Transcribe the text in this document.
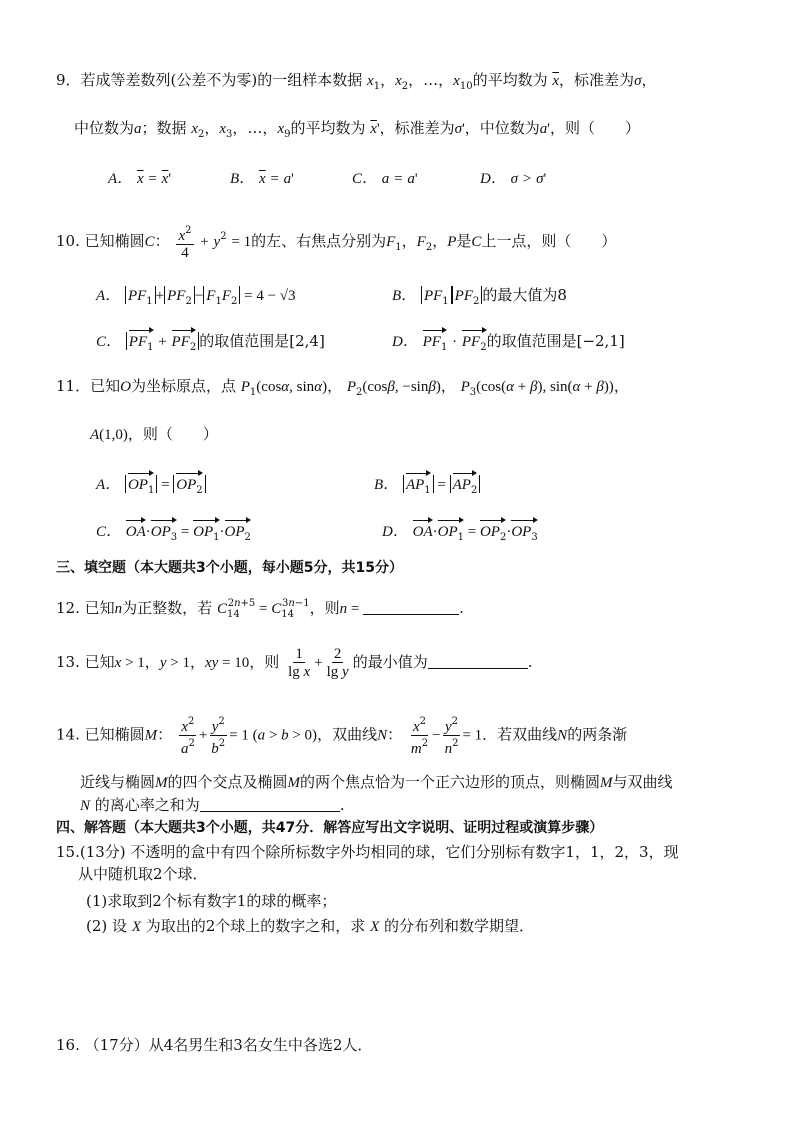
9．若成等差数列(公差不为零)的一组样本数据 $x_1$，$x_2$，…，$x_{10}$的平均数为 $\overline{x}$，标准差为σ，
中位数为a；数据 $x_2$，$x_3$，…，$x_9$的平均数为 $\overline{x}'$，标准差为σ'，中位数为a'，则（　　）
A． $\overline{x} = \overline{x}'$	B． $\overline{x} = a'$	C． a = a'	D． σ > σ'
10. 已知椭圆C： $\frac{x^2}{4} + y^2 = 1$的左、右焦点分别为$F_1$，$F_2$，P是C上一点，则（　　）
A． $PF_1 + PF_2 - F_1F_2 = 4 - √3$	B． $PF_1$ $PF_2$ 的最大值为8
C． $PF_1 + PF_2$ 的取值范围是[2,4]	D． $PF_1 \cdot PF_2$的取值范围是[−2,1]
11．已知O为坐标原点，点 $P_1(\cos\alpha$, sinα)， $P_2(\cos\beta$, −sinβ)， $P_3(\cos(\alpha + \beta)$, sin(α + β))，
A(1,0)，则（　　）
A． $OP_1 = OP_2$	B． $AP_1 = AP_2$
C． $OA\cdot OP_3 = OP_1\cdot OP_2$	D． $OA\cdot OP_1 = OP_2\cdot OP_3$
三、填空题（本大题共3个小题，每小题5分，共15分）
12. 已知n为正整数，若 $C_{14}^{2n+5} = C_{14}^{3n-1}$，则n =	.
13. 已知x > 1，y > 1，xy = 10，则 $\frac{1}{\text{lg x}} + \frac{2}{\text{lg y}}$ 的最小值为	.
14. 已知椭圆M： $\frac{x^2}{a^2} + \frac{y^2}{b^2} = 1$ (a > b > 0)，双曲线N： $\frac{x^2}{m^2} - \frac{y^2}{n^2} = 1$．若双曲线N的两条渐
近线与椭圆M的四个交点及椭圆M的两个焦点恰为一个正六边形的顶点，则椭圆M与双曲线
N 的离心率之和为	.
四、解答题（本大题共3个小题，共47分．解答应写出文字说明、证明过程或演算步骤）
15.(13分) 不透明的盒中有四个除所标数字外均相同的球，它们分别标有数字1，1，2，3，现
从中随机取2个球．
(1)求取到2个标有数字1的球的概率；
(2) 设 X 为取出的2个球上的数字之和，求 X 的分布列和数学期望．
16. （17分）从4名男生和3名女生中各选2人．
